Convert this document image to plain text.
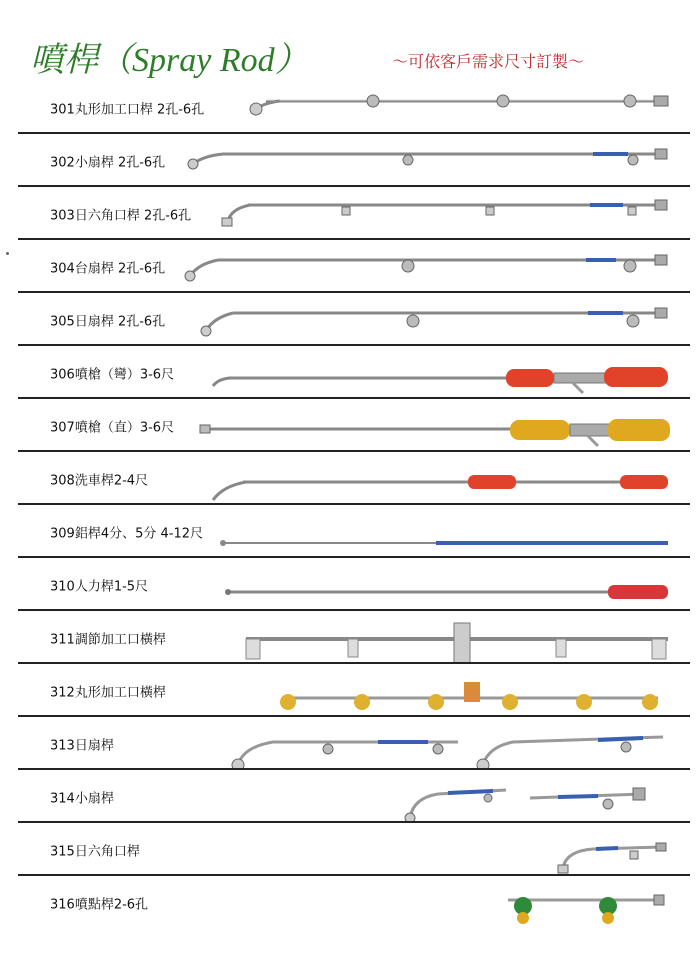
噴桿（Spray Rod）	～可依客戶需求尺寸訂製～
301丸形加工口桿 2孔-6孔
302小扇桿 2孔-6孔
303日六角口桿 2孔-6孔
304台扇桿 2孔-6孔
305日扇桿 2孔-6孔
306噴槍（彎）3-6尺
307噴槍（直）3-6尺
308洗車桿2-4尺
309鋁桿4分、5分 4-12尺
310人力桿1-5尺
311調節加工口橫桿
312丸形加工口橫桿
313日扇桿
314小扇桿
315日六角口桿
316噴點桿2-6孔
